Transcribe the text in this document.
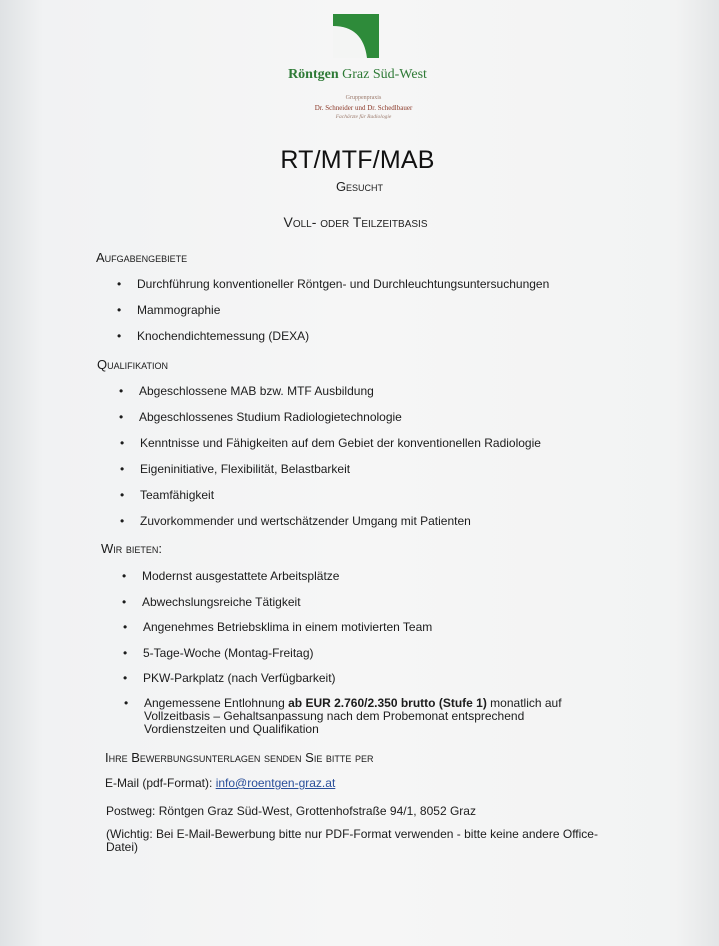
Röntgen Graz Süd-West
Gruppenpraxis
Dr. Schneider und Dr. Schedlbauer
Fachärzte für Radiologie
RT/MTF/MAB
Gesucht
Voll- oder Teilzeitbasis
Aufgabengebiete
• Durchführung konventioneller Röntgen- und Durchleuchtungsuntersuchungen
• Mammographie
• Knochendichtemessung (DEXA)
Qualifikation
• Abgeschlossene MAB bzw. MTF Ausbildung
• Abgeschlossenes Studium Radiologietechnologie
• Kenntnisse und Fähigkeiten auf dem Gebiet der konventionellen Radiologie
• Eigeninitiative, Flexibilität, Belastbarkeit
• Teamfähigkeit
• Zuvorkommender und wertschätzender Umgang mit Patienten
Wir bieten:
• Modernst ausgestattete Arbeitsplätze
• Abwechslungsreiche Tätigkeit
• Angenehmes Betriebsklima in einem motivierten Team
• 5-Tage-Woche (Montag-Freitag)
• PKW-Parkplatz (nach Verfügbarkeit)
• Angemessene Entlohnung ab EUR 2.760/2.350 brutto (Stufe 1) monatlich auf Vollzeitbasis – Gehaltsanpassung nach dem Probemonat entsprechend Vordienstzeiten und Qualifikation
Ihre Bewerbungsunterlagen senden Sie bitte per
E-Mail (pdf-Format): info@roentgen-graz.at
Postweg: Röntgen Graz Süd-West, Grottenhofstraße 94/1, 8052 Graz
(Wichtig: Bei E-Mail-Bewerbung bitte nur PDF-Format verwenden - bitte keine andere Office-Datei)
